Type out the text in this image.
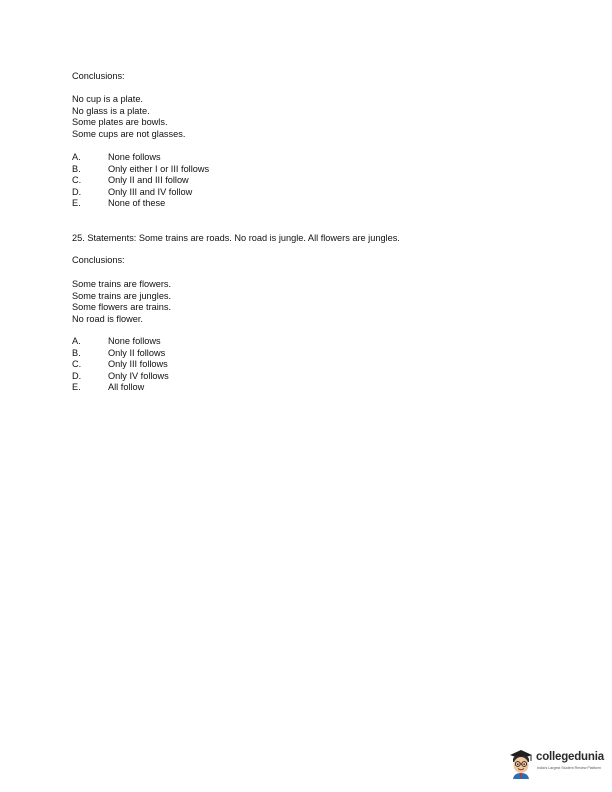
Conclusions:
No cup is a plate.
No glass is a plate.
Some plates are bowls.
Some cups are not glasses.
A.	None follows
B.	Only either I or III follows
C.	Only II and III follow
D.	Only III and IV follow
E.	None of these
25. Statements: Some trains are roads. No road is jungle. All flowers are jungles.
Conclusions:
Some trains are flowers.
Some trains are jungles.
Some flowers are trains.
No road is flower.
A.	None follows
B.	Only II follows
C.	Only III follows
D.	Only IV follows
E.	All follow
collegedunia
India's Largest Student Review Platform
